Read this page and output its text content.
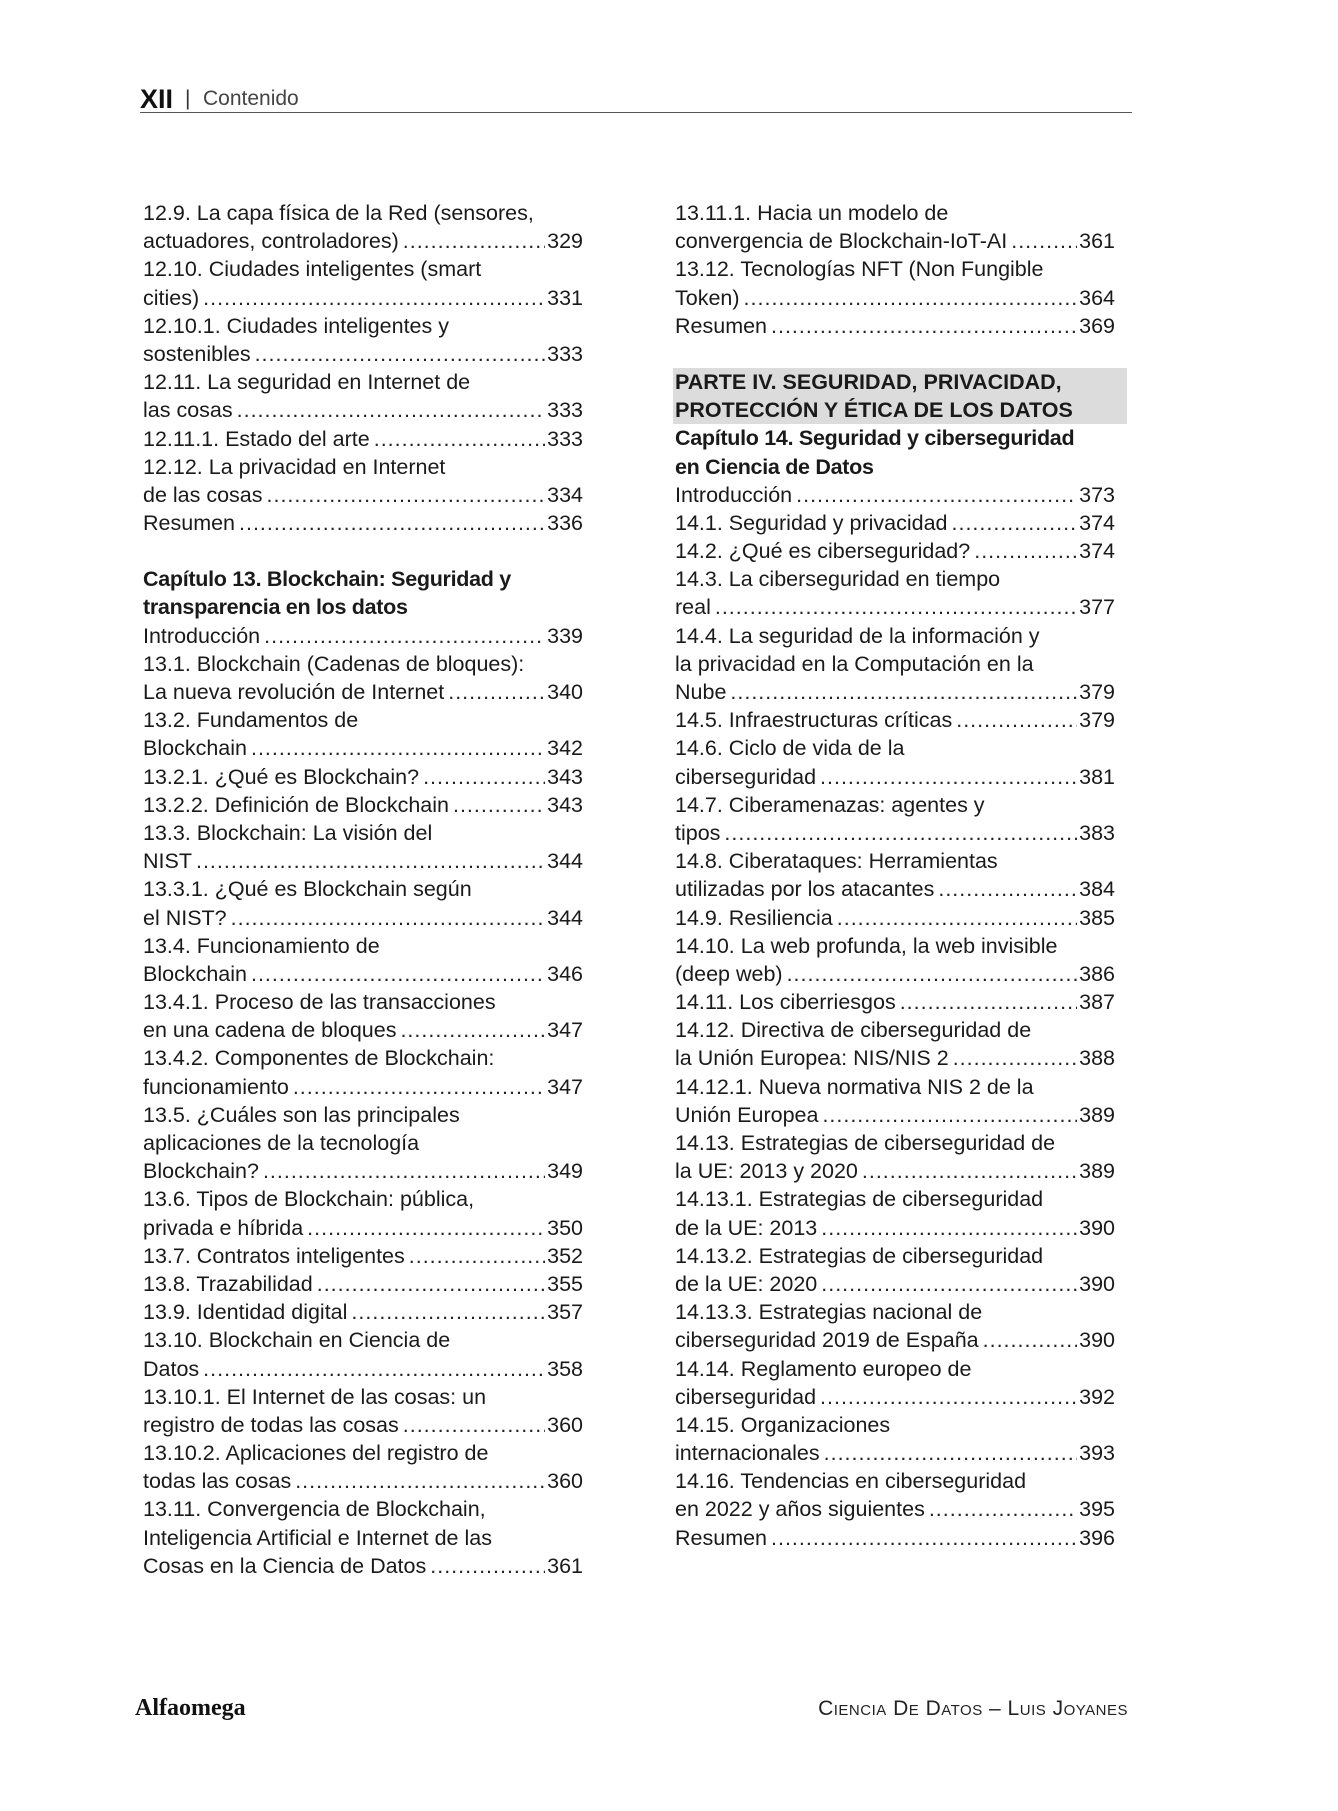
XII | Contenido
12.9. La capa física de la Red (sensores,
actuadores, controladores) .....	329
12.10. Ciudades inteligentes (smart
cities) .....	331
12.10.1. Ciudades inteligentes y
sostenibles .....	333
12.11. La seguridad en Internet de
las cosas .....	333
12.11.1. Estado del arte .....	333
12.12. La privacidad en Internet
de las cosas .....	334
Resumen .....	336
Capítulo 13. Blockchain: Seguridad y
transparencia en los datos
Introducción .....	339
13.1. Blockchain (Cadenas de bloques):
La nueva revolución de Internet .....	340
13.2. Fundamentos de
Blockchain .....	342
13.2.1. ¿Qué es Blockchain? .....	343
13.2.2. Definición de Blockchain .....	343
13.3. Blockchain: La visión del
NIST .....	344
13.3.1. ¿Qué es Blockchain según
el NIST? .....	344
13.4. Funcionamiento de
Blockchain .....	346
13.4.1. Proceso de las transacciones
en una cadena de bloques .....	347
13.4.2. Componentes de Blockchain:
funcionamiento .....	347
13.5. ¿Cuáles son las principales
aplicaciones de la tecnología
Blockchain? .....	349
13.6. Tipos de Blockchain: pública,
privada e híbrida .....	350
13.7. Contratos inteligentes .....	352
13.8. Trazabilidad .....	355
13.9. Identidad digital .....	357
13.10. Blockchain en Ciencia de
Datos .....	358
13.10.1. El Internet de las cosas: un
registro de todas las cosas .....	360
13.10.2. Aplicaciones del registro de
todas las cosas .....	360
13.11. Convergencia de Blockchain,
Inteligencia Artificial e Internet de las
Cosas en la Ciencia de Datos .....	361
13.11.1. Hacia un modelo de
convergencia de Blockchain-IoT-AI .....	361
13.12. Tecnologías NFT (Non Fungible
Token) .....	364
Resumen .....	369
PARTE IV. SEGURIDAD, PRIVACIDAD,
PROTECCIÓN Y ÉTICA DE LOS DATOS
Capítulo 14. Seguridad y ciberseguridad
en Ciencia de Datos
Introducción .....	373
14.1. Seguridad y privacidad .....	374
14.2. ¿Qué es ciberseguridad? .....	374
14.3. La ciberseguridad en tiempo
real .....	377
14.4. La seguridad de la información y
la privacidad en la Computación en la
Nube .....	379
14.5. Infraestructuras críticas .....	379
14.6. Ciclo de vida de la
ciberseguridad .....	381
14.7. Ciberamenazas: agentes y
tipos .....	383
14.8. Ciberataques: Herramientas
utilizadas por los atacantes .....	384
14.9. Resiliencia .....	385
14.10. La web profunda, la web invisible
(deep web) .....	386
14.11. Los ciberriesgos .....	387
14.12. Directiva de ciberseguridad de
la Unión Europea: NIS/NIS 2 .....	388
14.12.1. Nueva normativa NIS 2 de la
Unión Europea .....	389
14.13. Estrategias de ciberseguridad de
la UE: 2013 y 2020 .....	389
14.13.1. Estrategias de ciberseguridad
de la UE: 2013 .....	390
14.13.2. Estrategias de ciberseguridad
de la UE: 2020 .....	390
14.13.3. Estrategias nacional de
ciberseguridad 2019 de España .....	390
14.14. Reglamento europeo de
ciberseguridad .....	392
14.15. Organizaciones
internacionales .....	393
14.16. Tendencias en ciberseguridad
en 2022 y años siguientes .....	395
Resumen .....	396
Alfaomega	Ciencia De Datos – Luis Joyanes
